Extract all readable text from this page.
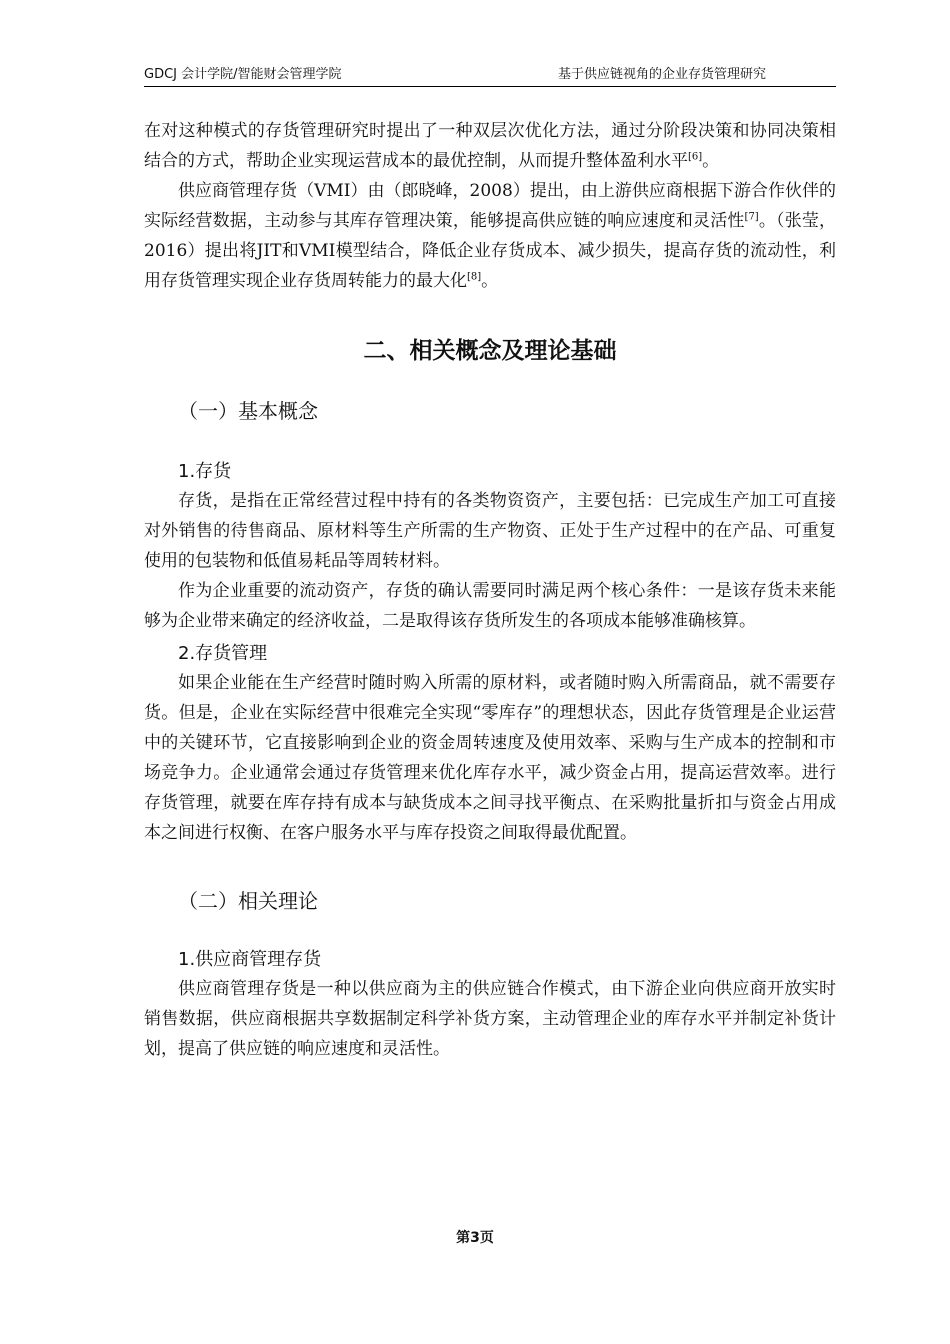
GDCJ 会计学院/智能财会管理学院	基于供应链视角的企业存货管理研究

在对这种模式的存货管理研究时提出了一种双层次优化方法，通过分阶段决策和协同决策相结合的方式，帮助企业实现运营成本的最优控制，从而提升整体盈利水平[6]。

供应商管理存货（VMI）由（郎晓峰，2008）提出，由上游供应商根据下游合作伙伴的实际经营数据，主动参与其库存管理决策，能够提高供应链的响应速度和灵活性[7]。（张莹，2016）提出将JIT和VMI模型结合，降低企业存货成本、减少损失，提高存货的流动性，利用存货管理实现企业存货周转能力的最大化[8]。

二、相关概念及理论基础
（一）基本概念
1.存货

存货，是指在正常经营过程中持有的各类物资资产，主要包括：已完成生产加工可直接对外销售的待售商品、原材料等生产所需的生产物资、正处于生产过程中的在产品、可重复使用的包装物和低值易耗品等周转材料。

作为企业重要的流动资产，存货的确认需要同时满足两个核心条件：一是该存货未来能够为企业带来确定的经济收益，二是取得该存货所发生的各项成本能够准确核算。

2.存货管理

如果企业能在生产经营时随时购入所需的原材料，或者随时购入所需商品，就不需要存货。但是，企业在实际经营中很难完全实现“零库存”的理想状态，因此存货管理是企业运营中的关键环节，它直接影响到企业的资金周转速度及使用效率、采购与生产成本的控制和市场竞争力。企业通常会通过存货管理来优化库存水平，减少资金占用，提高运营效率。进行存货管理，就要在库存持有成本与缺货成本之间寻找平衡点、在采购批量折扣与资金占用成本之间进行权衡、在客户服务水平与库存投资之间取得最优配置。

（二）相关理论
1.供应商管理存货

供应商管理存货是一种以供应商为主的供应链合作模式，由下游企业向供应商开放实时销售数据，供应商根据共享数据制定科学补货方案，主动管理企业的库存水平并制定补货计划，提高了供应链的响应速度和灵活性。

第3页
